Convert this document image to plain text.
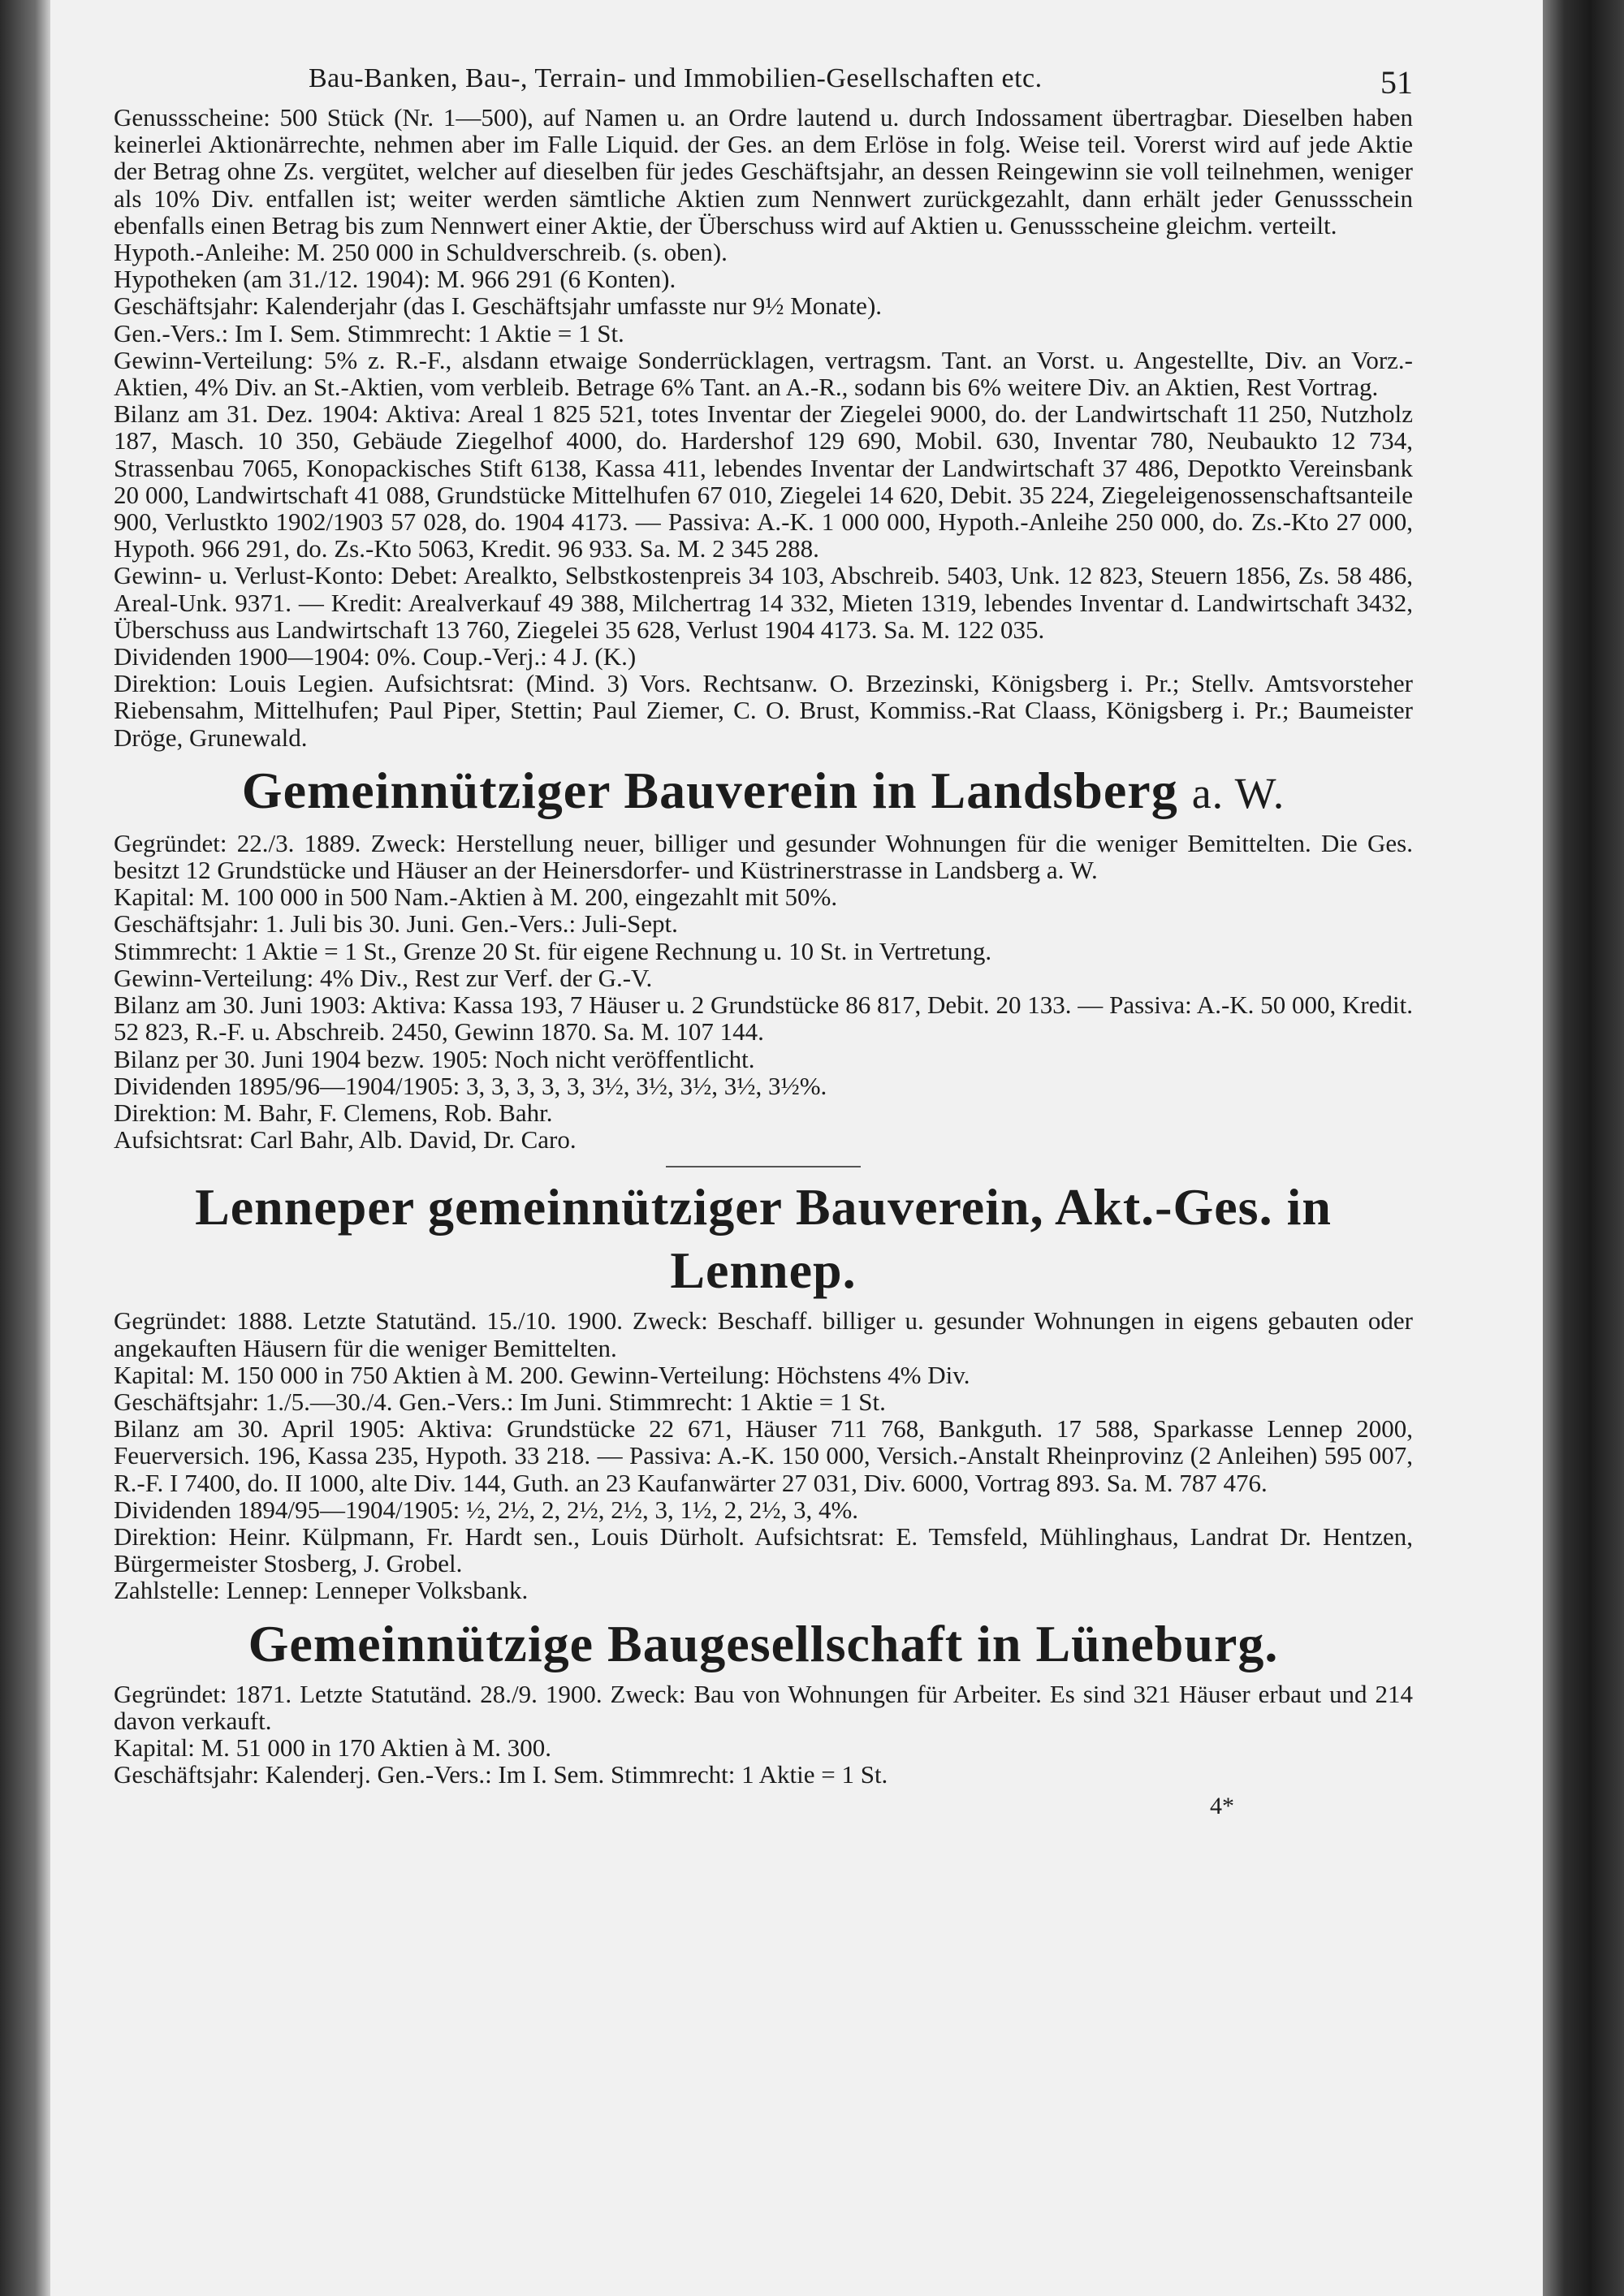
Bau-Banken, Bau-, Terrain- und Immobilien-Gesellschaften etc.	51

Genussscheine: 500 Stück (Nr. 1—500), auf Namen u. an Ordre lautend u. durch Indossament übertragbar. Dieselben haben keinerlei Aktionärrechte, nehmen aber im Falle Liquid. der Ges. an dem Erlöse in folg. Weise teil. Vorerst wird auf jede Aktie der Betrag ohne Zs. vergütet, welcher auf dieselben für jedes Geschäftsjahr, an dessen Reingewinn sie voll teilnehmen, weniger als 10% Div. entfallen ist; weiter werden sämtliche Aktien zum Nennwert zurückgezahlt, dann erhält jeder Genussschein ebenfalls einen Betrag bis zum Nennwert einer Aktie, der Überschuss wird auf Aktien u. Genussscheine gleichm. verteilt.

Hypoth.-Anleihe: M. 250 000 in Schuldverschreib. (s. oben).

Hypotheken (am 31./12. 1904): M. 966 291 (6 Konten).

Geschäftsjahr: Kalenderjahr (das I. Geschäftsjahr umfasste nur 9½ Monate).

Gen.-Vers.: Im I. Sem. Stimmrecht: 1 Aktie = 1 St.

Gewinn-Verteilung: 5% z. R.-F., alsdann etwaige Sonderrücklagen, vertragsm. Tant. an Vorst. u. Angestellte, Div. an Vorz.-Aktien, 4% Div. an St.-Aktien, vom verbleib. Betrage 6% Tant. an A.-R., sodann bis 6% weitere Div. an Aktien, Rest Vortrag.

Bilanz am 31. Dez. 1904: Aktiva: Areal 1 825 521, totes Inventar der Ziegelei 9000, do. der Landwirtschaft 11 250, Nutzholz 187, Masch. 10 350, Gebäude Ziegelhof 4000, do. Hardershof 129 690, Mobil. 630, Inventar 780, Neubaukto 12 734, Strassenbau 7065, Konopackisches Stift 6138, Kassa 411, lebendes Inventar der Landwirtschaft 37 486, Depotkto Vereinsbank 20 000, Landwirtschaft 41 088, Grundstücke Mittelhufen 67 010, Ziegelei 14 620, Debit. 35 224, Ziegeleigenossenschaftsanteile 900, Verlustkto 1902/1903 57 028, do. 1904 4173. — Passiva: A.-K. 1 000 000, Hypoth.-Anleihe 250 000, do. Zs.-Kto 27 000, Hypoth. 966 291, do. Zs.-Kto 5063, Kredit. 96 933. Sa. M. 2 345 288.

Gewinn- u. Verlust-Konto: Debet: Arealkto, Selbstkostenpreis 34 103, Abschreib. 5403, Unk. 12 823, Steuern 1856, Zs. 58 486, Areal-Unk. 9371. — Kredit: Arealverkauf 49 388, Milchertrag 14 332, Mieten 1319, lebendes Inventar d. Landwirtschaft 3432, Überschuss aus Landwirtschaft 13 760, Ziegelei 35 628, Verlust 1904 4173. Sa. M. 122 035.

Dividenden 1900—1904: 0%. Coup.-Verj.: 4 J. (K.)

Direktion: Louis Legien. Aufsichtsrat: (Mind. 3) Vors. Rechtsanw. O. Brzezinski, Königsberg i. Pr.; Stellv. Amtsvorsteher Riebensahm, Mittelhufen; Paul Piper, Stettin; Paul Ziemer, C. O. Brust, Kommiss.-Rat Claass, Königsberg i. Pr.; Baumeister Dröge, Grunewald.

Gemeinnütziger Bauverein in Landsberg a. W.

Gegründet: 22./3. 1889. Zweck: Herstellung neuer, billiger und gesunder Wohnungen für die weniger Bemittelten. Die Ges. besitzt 12 Grundstücke und Häuser an der Heinersdorfer- und Küstrinerstrasse in Landsberg a. W.

Kapital: M. 100 000 in 500 Nam.-Aktien à M. 200, eingezahlt mit 50%.

Geschäftsjahr: 1. Juli bis 30. Juni. Gen.-Vers.: Juli-Sept.

Stimmrecht: 1 Aktie = 1 St., Grenze 20 St. für eigene Rechnung u. 10 St. in Vertretung.

Gewinn-Verteilung: 4% Div., Rest zur Verf. der G.-V.

Bilanz am 30. Juni 1903: Aktiva: Kassa 193, 7 Häuser u. 2 Grundstücke 86 817, Debit. 20 133. — Passiva: A.-K. 50 000, Kredit. 52 823, R.-F. u. Abschreib. 2450, Gewinn 1870. Sa. M. 107 144.

Bilanz per 30. Juni 1904 bezw. 1905: Noch nicht veröffentlicht.

Dividenden 1895/96—1904/1905: 3, 3, 3, 3, 3, 3½, 3½, 3½, 3½, 3½%.

Direktion: M. Bahr, F. Clemens, Rob. Bahr.

Aufsichtsrat: Carl Bahr, Alb. David, Dr. Caro.

Lenneper gemeinnütziger Bauverein, Akt.-Ges. in Lennep.

Gegründet: 1888. Letzte Statutänd. 15./10. 1900. Zweck: Beschaff. billiger u. gesunder Wohnungen in eigens gebauten oder angekauften Häusern für die weniger Bemittelten.

Kapital: M. 150 000 in 750 Aktien à M. 200. Gewinn-Verteilung: Höchstens 4% Div.

Geschäftsjahr: 1./5.—30./4. Gen.-Vers.: Im Juni. Stimmrecht: 1 Aktie = 1 St.

Bilanz am 30. April 1905: Aktiva: Grundstücke 22 671, Häuser 711 768, Bankguth. 17 588, Sparkasse Lennep 2000, Feuerversich. 196, Kassa 235, Hypoth. 33 218. — Passiva: A.-K. 150 000, Versich.-Anstalt Rheinprovinz (2 Anleihen) 595 007, R.-F. I 7400, do. II 1000, alte Div. 144, Guth. an 23 Kaufanwärter 27 031, Div. 6000, Vortrag 893. Sa. M. 787 476.

Dividenden 1894/95—1904/1905: ½, 2½, 2, 2½, 2½, 3, 1½, 2, 2½, 3, 4%.

Direktion: Heinr. Külpmann, Fr. Hardt sen., Louis Dürholt. Aufsichtsrat: E. Temsfeld, Mühlinghaus, Landrat Dr. Hentzen, Bürgermeister Stosberg, J. Grobel.

Zahlstelle: Lennep: Lenneper Volksbank.

Gemeinnützige Baugesellschaft in Lüneburg.

Gegründet: 1871. Letzte Statutänd. 28./9. 1900. Zweck: Bau von Wohnungen für Arbeiter. Es sind 321 Häuser erbaut und 214 davon verkauft.

Kapital: M. 51 000 in 170 Aktien à M. 300.

Geschäftsjahr: Kalenderj. Gen.-Vers.: Im I. Sem. Stimmrecht: 1 Aktie = 1 St.

4*
